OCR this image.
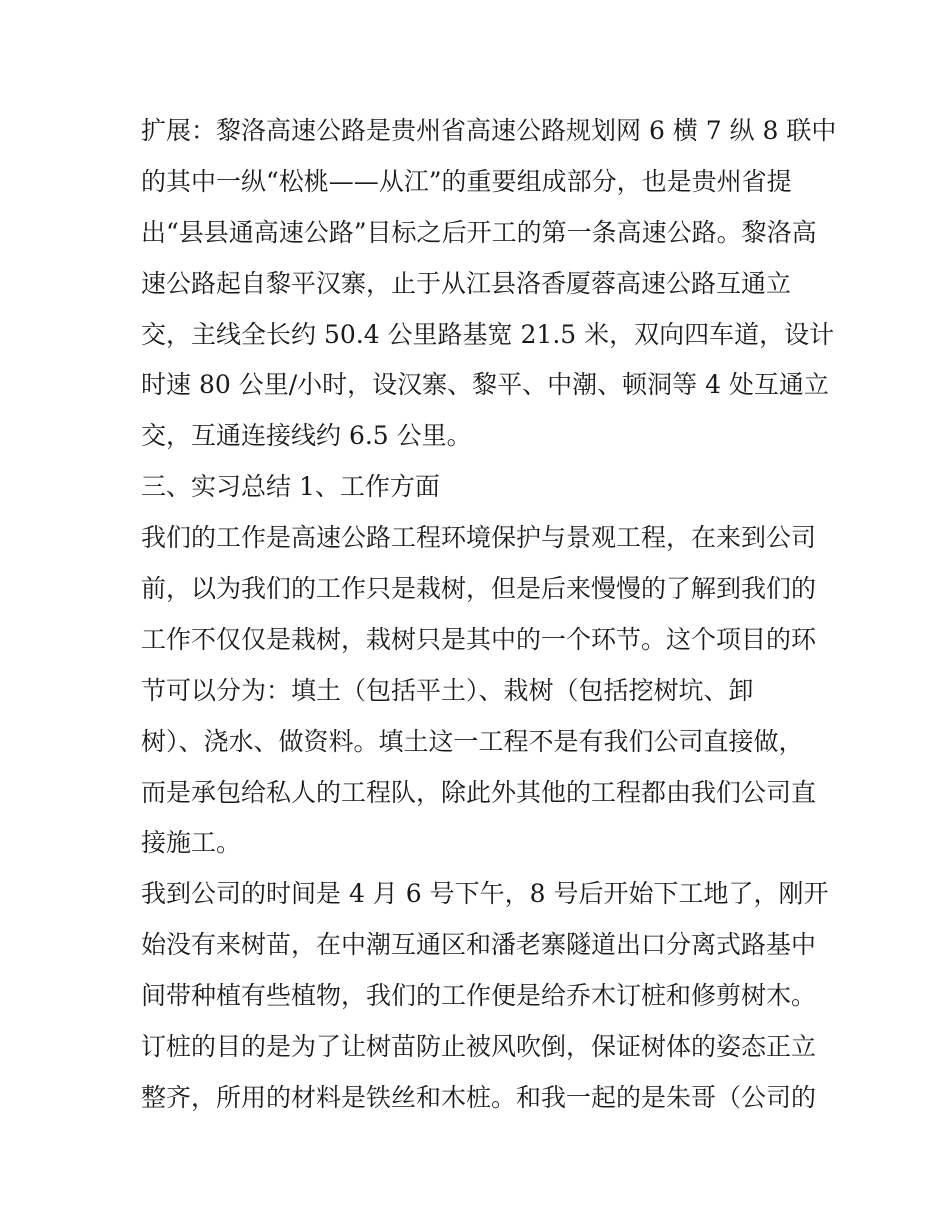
扩展：黎洛高速公路是贵州省高速公路规划网 6 横 7 纵 8 联中
的其中一纵“松桃——从江”的重要组成部分，也是贵州省提
出“县县通高速公路”目标之后开工的第一条高速公路。黎洛高
速公路起自黎平汉寨，止于从江县洛香厦蓉高速公路互通立
交，主线全长约 50.4 公里路基宽 21.5 米，双向四车道，设计
时速 80 公里/小时，设汉寨、黎平、中潮、顿洞等 4 处互通立
交，互通连接线约 6.5 公里。
三、实习总结 1、工作方面
我们的工作是高速公路工程环境保护与景观工程，在来到公司
前，以为我们的工作只是栽树，但是后来慢慢的了解到我们的
工作不仅仅是栽树，栽树只是其中的一个环节。这个项目的环
节可以分为：填土（包括平土）、栽树（包括挖树坑、卸
树）、浇水、做资料。填土这一工程不是有我们公司直接做，
而是承包给私人的工程队，除此外其他的工程都由我们公司直
接施工。
我到公司的时间是 4 月 6 号下午，8 号后开始下工地了，刚开
始没有来树苗，在中潮互通区和潘老寨隧道出口分离式路基中
间带种植有些植物，我们的工作便是给乔木订桩和修剪树木。
订桩的目的是为了让树苗防止被风吹倒，保证树体的姿态正立
整齐，所用的材料是铁丝和木桩。和我一起的是朱哥（公司的
